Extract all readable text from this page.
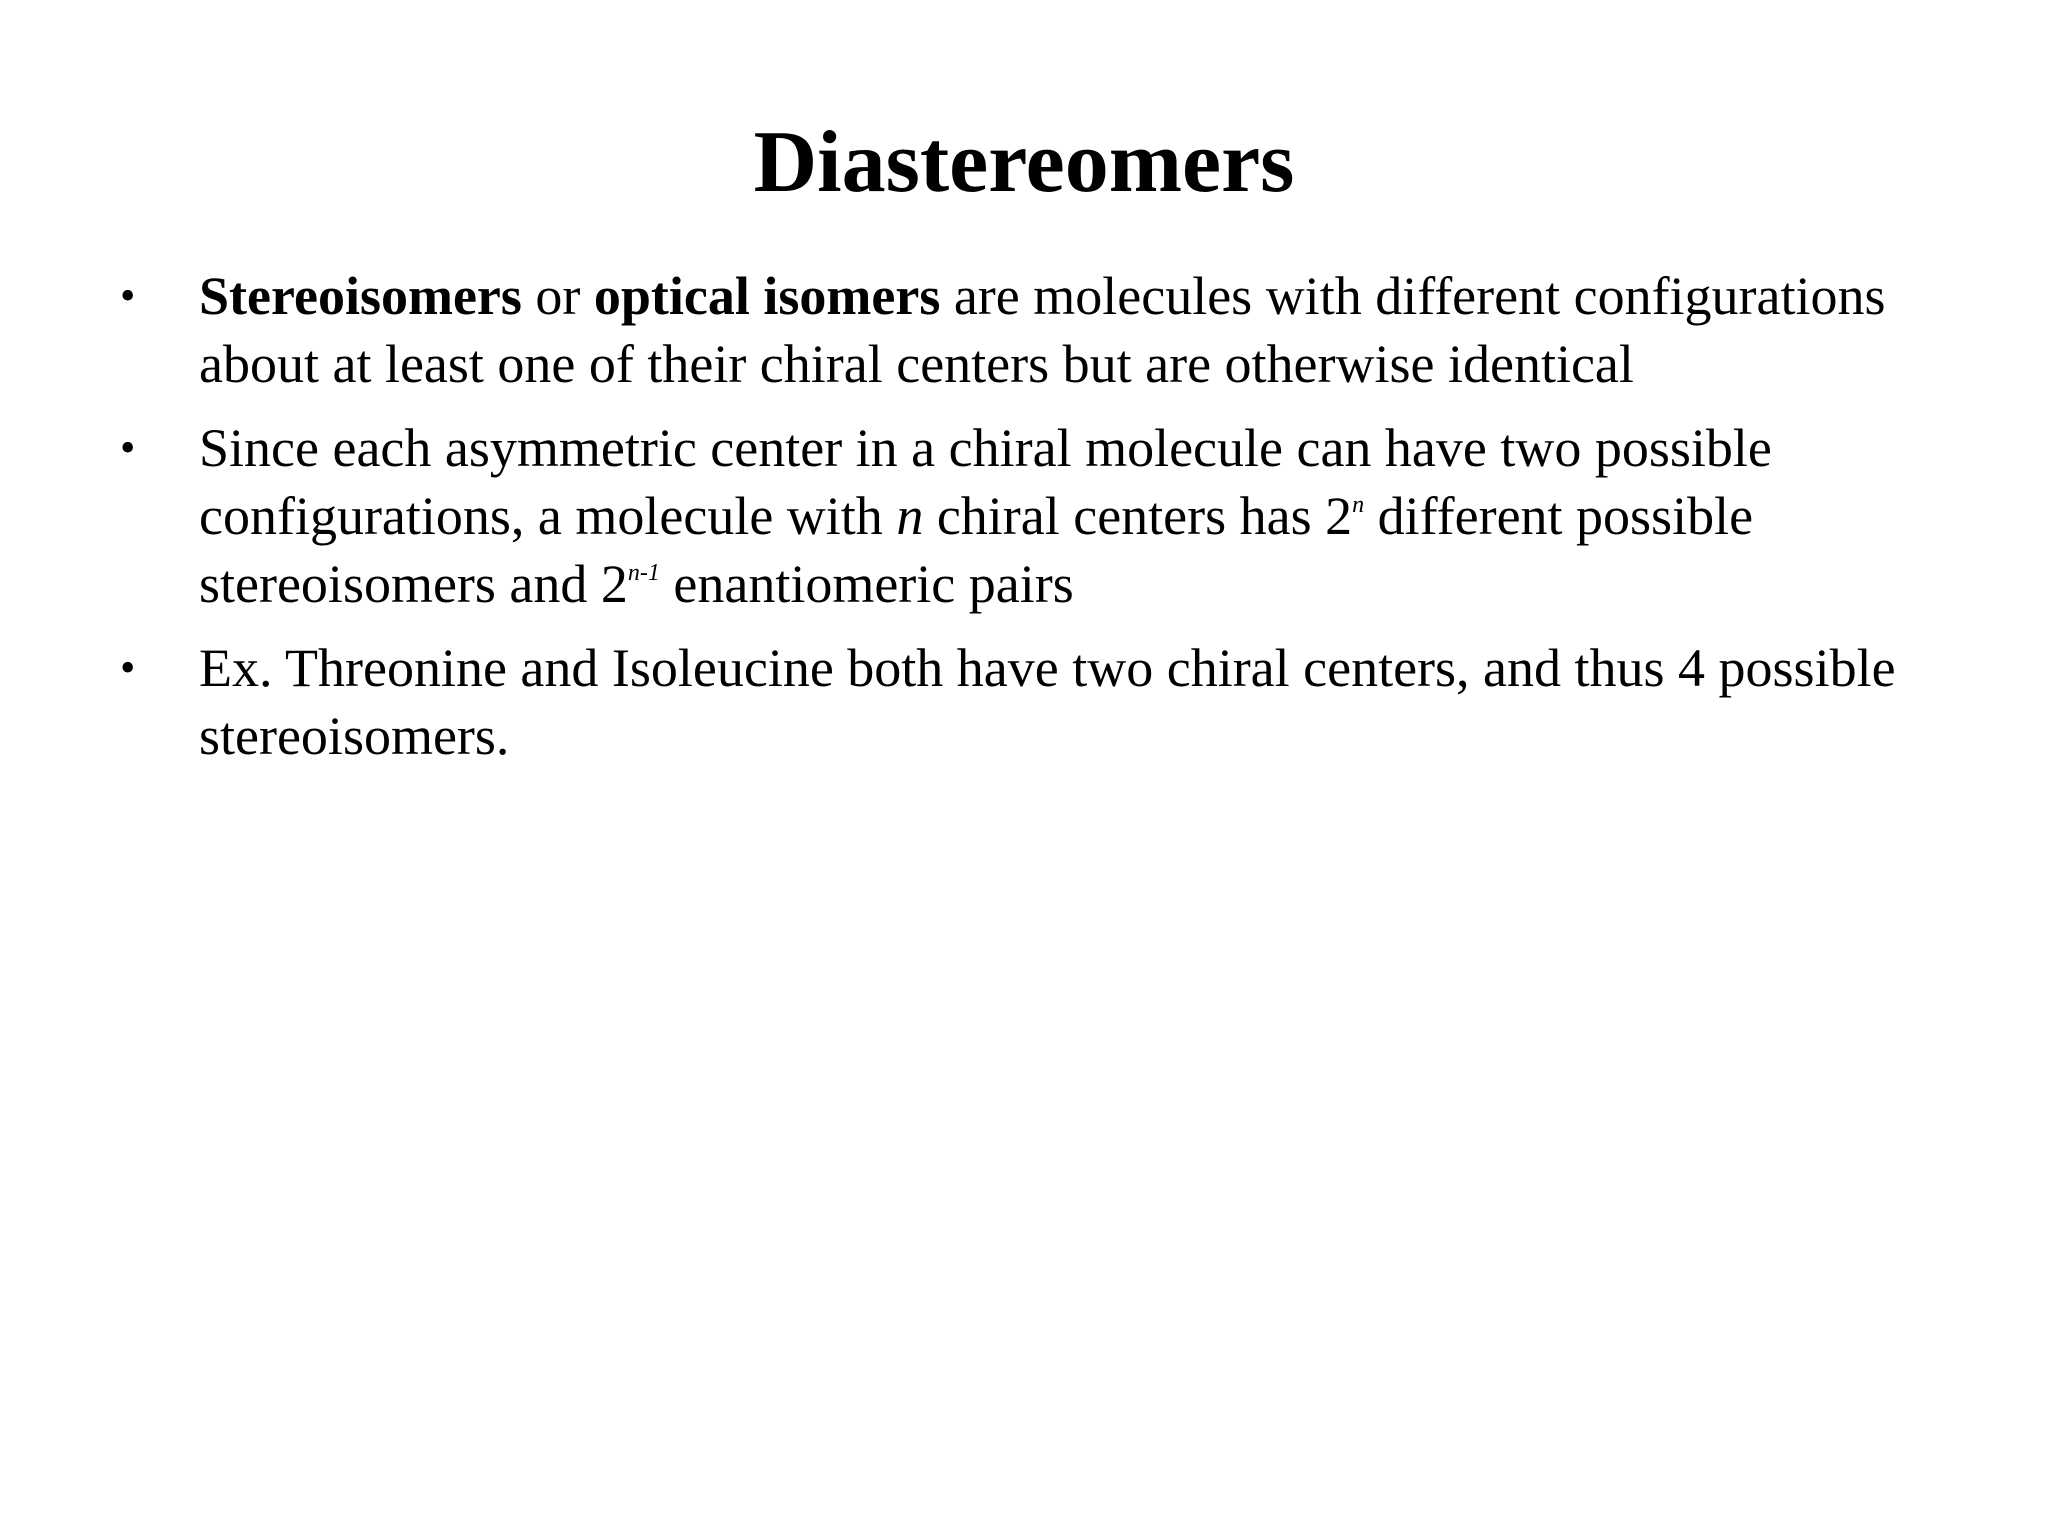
Diastereomers
• Stereoisomers or optical isomers are molecules with different configurations about at least one of their chiral centers but are otherwise identical
• Since each asymmetric center in a chiral molecule can have two possible configurations, a molecule with n chiral centers has 2$^n$ different possible stereoisomers and 2$^{n-1}$ enantiomeric pairs
• Ex. Threonine and Isoleucine both have two chiral centers, and thus 4 possible stereoisomers.
